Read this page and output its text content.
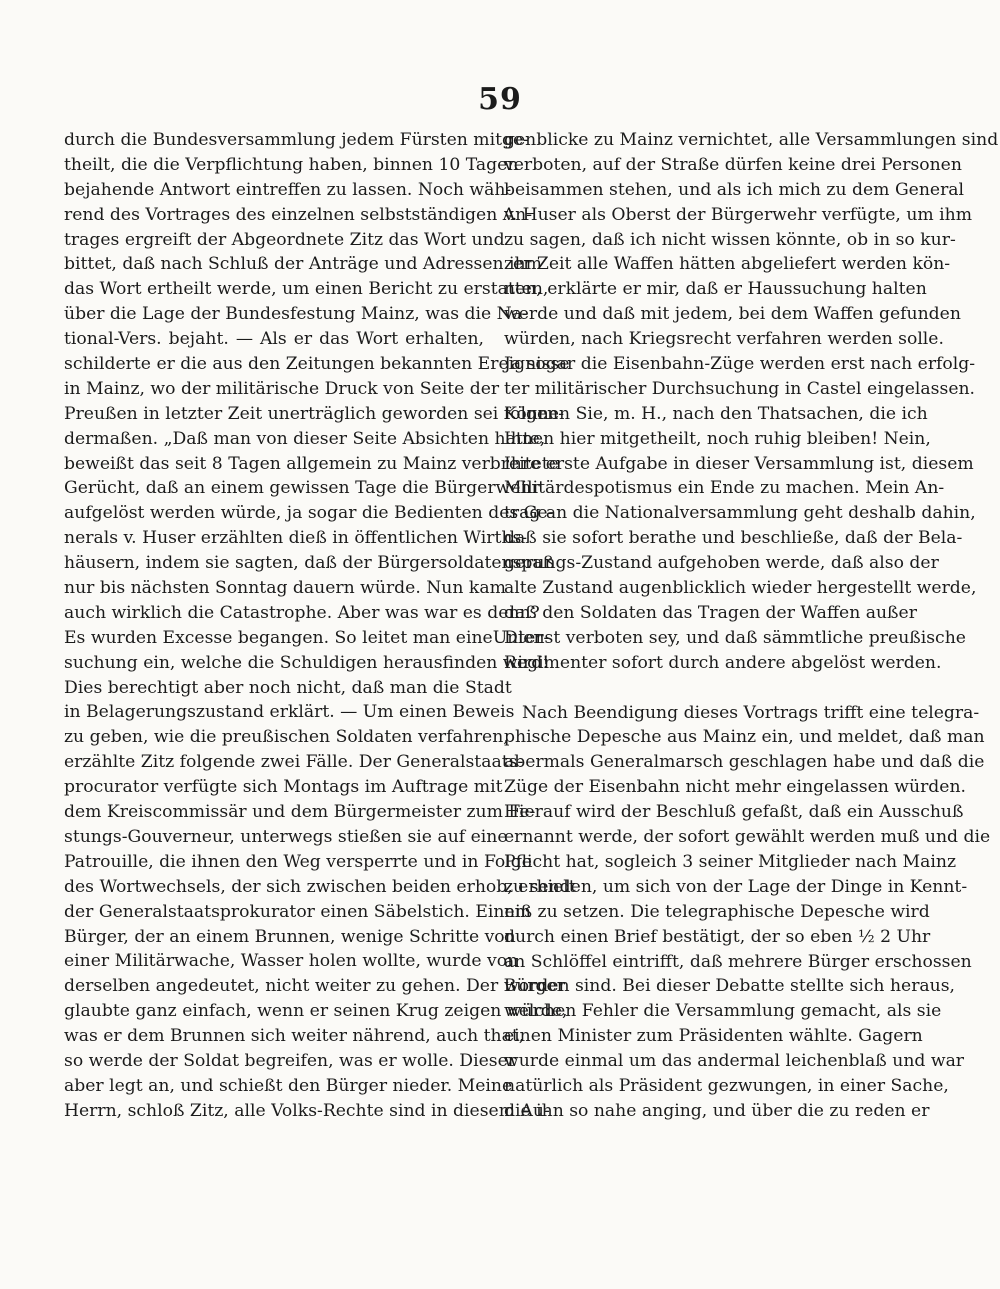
59
durch die Bundesversammlung jedem Fürsten mitge-
theilt, die die Verpflichtung haben, binnen 10 Tagen
bejahende Antwort eintreffen zu lassen. Noch wäh-
rend des Vortrages des einzelnen selbstständigen An-
trages ergreift der Abgeordnete Zitz das Wort und
bittet, daß nach Schluß der Anträge und Adressen ihm
das Wort ertheilt werde, um einen Bericht zu erstatten,
über die Lage der Bundesfestung Mainz, was die Na-
tional-Vers. bejaht. — Als er das Wort erhalten,
schilderte er die aus den Zeitungen bekannten Ereignisse
in Mainz, wo der militärische Druck von Seite der
Preußen in letzter Zeit unerträglich geworden sei folgen-
dermaßen. „Daß man von dieser Seite Absichten hatte,
beweißt das seit 8 Tagen allgemein zu Mainz verbreitete
Gerücht, daß an einem gewissen Tage die Bürgerwehr
aufgelöst werden würde, ja sogar die Bedienten des Ge-
nerals v. Huser erzählten dieß in öffentlichen Wirths-
häusern, indem sie sagten, daß der Bürgersoldatenspaß
nur bis nächsten Sonntag dauern würde. Nun kam
auch wirklich die Catastrophe. Aber was war es denn?
Es wurden Excesse begangen. So leitet man eineUnter-
suchung ein, welche die Schuldigen herausfinden wird!
Dies berechtigt aber noch nicht, daß man die Stadt
in Belagerungszustand erklärt. — Um einen Beweis
zu geben, wie die preußischen Soldaten verfahren,
erzählte Zitz folgende zwei Fälle. Der Generalstaats-
procurator verfügte sich Montags im Auftrage mit
dem Kreiscommissär und dem Bürgermeister zum Fe-
stungs-Gouverneur, unterwegs stießen sie auf eine
Patrouille, die ihnen den Weg versperrte und in Folge
des Wortwechsels, der sich zwischen beiden erhob, erhielt
der Generalstaatsprokurator einen Säbelstich. Einem
Bürger, der an einem Brunnen, wenige Schritte von
einer Militärwache, Wasser holen wollte, wurde von
derselben angedeutet, nicht weiter zu gehen. Der Bürger
glaubte ganz einfach, wenn er seinen Krug zeigen würde,
was er dem Brunnen sich weiter nährend, auch that,
so werde der Soldat begreifen, was er wolle. Dieser
aber legt an, und schießt den Bürger nieder. Meine
Herrn, schloß Zitz, alle Volks-Rechte sind in diesem Au-
genblicke zu Mainz vernichtet, alle Versammlungen sind
verboten, auf der Straße dürfen keine drei Personen
beisammen stehen, und als ich mich zu dem General
v. Huser als Oberst der Bürgerwehr verfügte, um ihm
zu sagen, daß ich nicht wissen könnte, ob in so kur-
zer Zeit alle Waffen hätten abgeliefert werden kön-
nen, erklärte er mir, daß er Haussuchung halten
werde und daß mit jedem, bei dem Waffen gefunden
würden, nach Kriegsrecht verfahren werden solle.
Ja sogar die Eisenbahn-Züge werden erst nach erfolg-
ter militärischer Durchsuchung in Castel eingelassen.
Können Sie, m. H., nach den Thatsachen, die ich
Ihnen hier mitgetheilt, noch ruhig bleiben! Nein,
Ihre erste Aufgabe in dieser Versammlung ist, diesem
Militärdespotismus ein Ende zu machen. Mein An-
trag an die Nationalversammlung geht deshalb dahin,
daß sie sofort berathe und beschließe, daß der Bela-
gerungs-Zustand aufgehoben werde, daß also der
alte Zustand augenblicklich wieder hergestellt werde,
daß den Soldaten das Tragen der Waffen außer
Dienst verboten sey, und daß sämmtliche preußische
Regimenter sofort durch andere abgelöst werden.
Nach Beendigung dieses Vortrags trifft eine telegra-
phische Depesche aus Mainz ein, und meldet, daß man
abermals Generalmarsch geschlagen habe und daß die
Züge der Eisenbahn nicht mehr eingelassen würden.
Hierauf wird der Beschluß gefaßt, daß ein Ausschuß
ernannt werde, der sofort gewählt werden muß und die
Pflicht hat, sogleich 3 seiner Mitglieder nach Mainz
zu senden, um sich von der Lage der Dinge in Kennt-
niß zu setzen. Die telegraphische Depesche wird
durch einen Brief bestätigt, der so eben ½ 2 Uhr
an Schlöffel eintrifft, daß mehrere Bürger erschossen
worden sind. Bei dieser Debatte stellte sich heraus,
welchen Fehler die Versammlung gemacht, als sie
einen Minister zum Präsidenten wählte. Gagern
wurde einmal um das andermal leichenblaß und war
natürlich als Präsident gezwungen, in einer Sache,
die ihn so nahe anging, und über die zu reden er
